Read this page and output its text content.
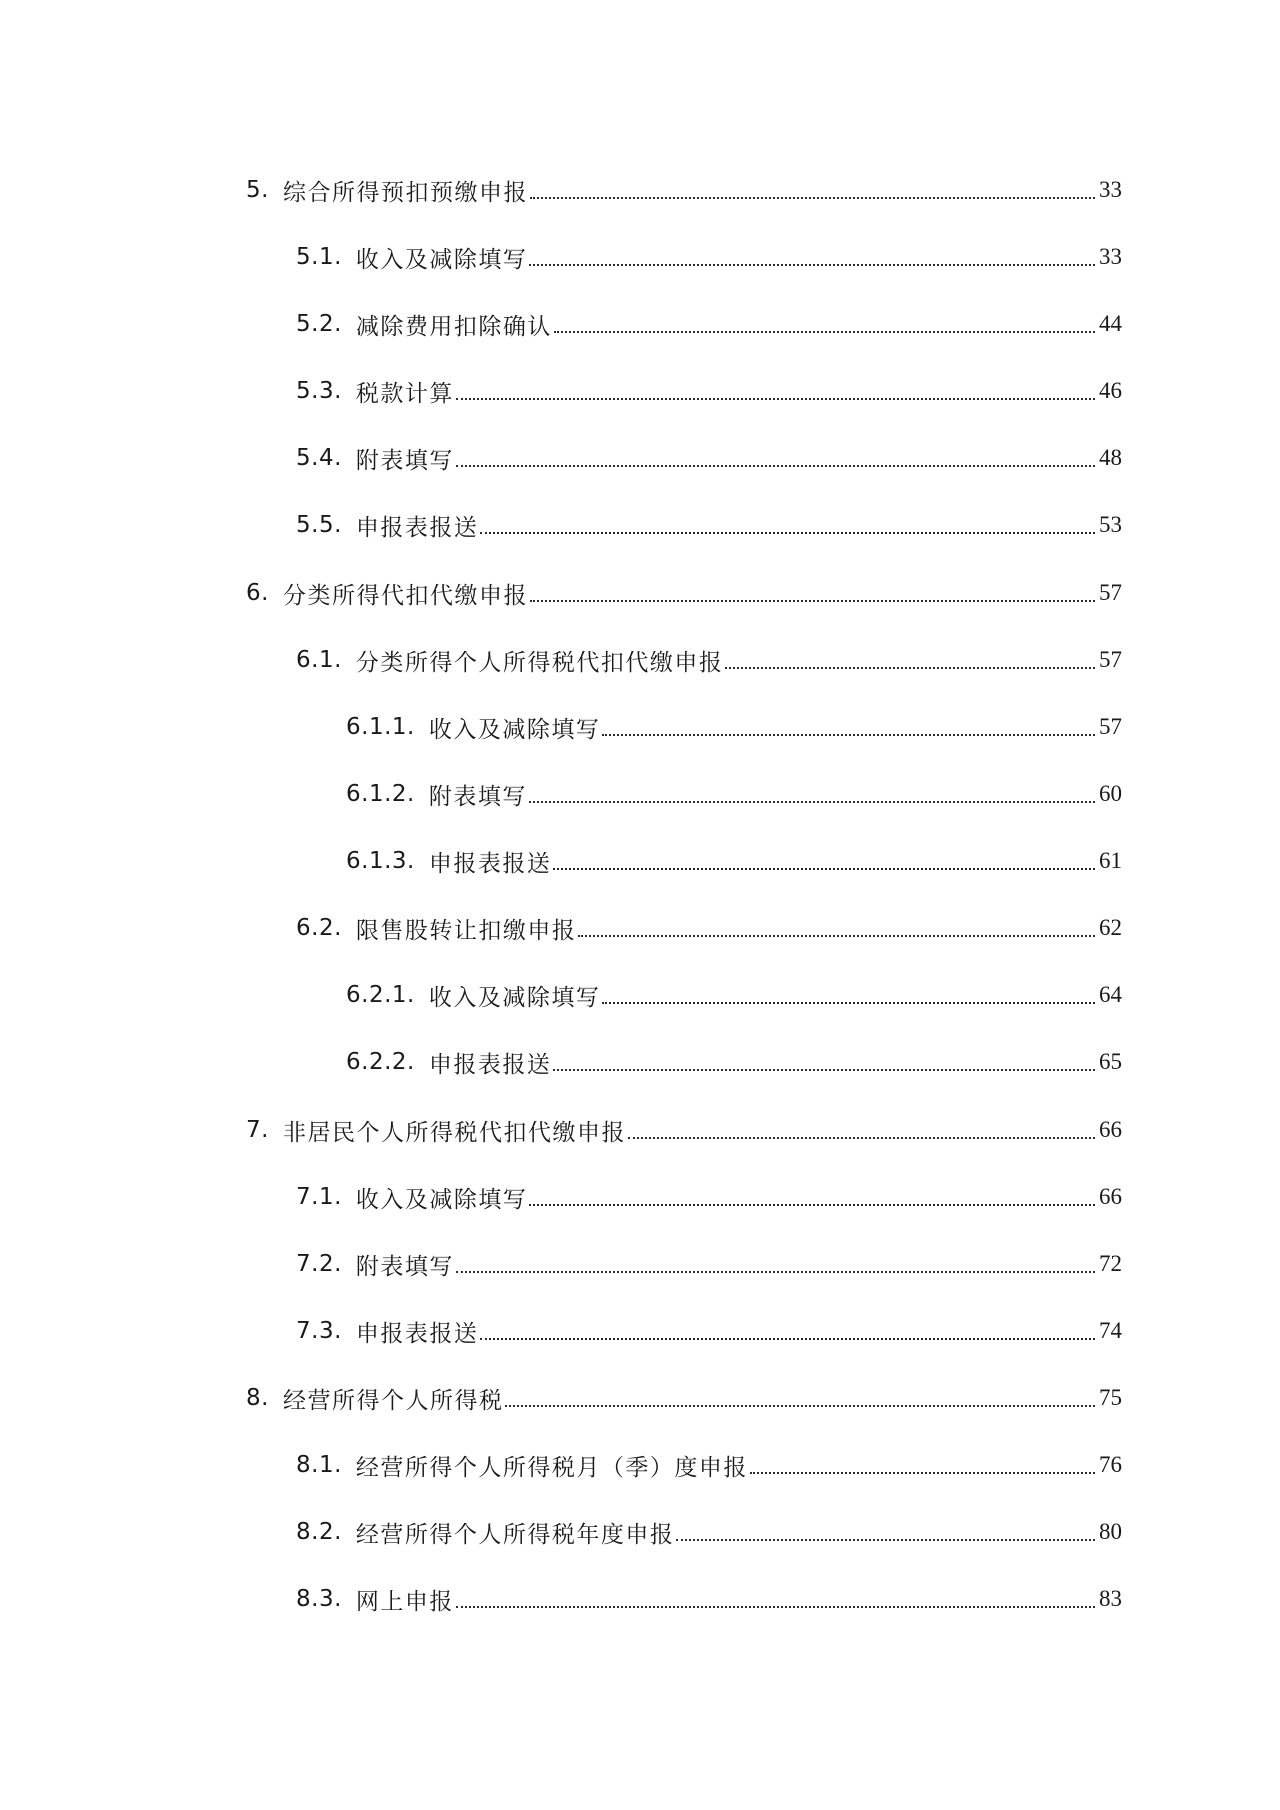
5. 综合所得预扣预缴申报	33
5.1. 收入及减除填写	33
5.2. 减除费用扣除确认	44
5.3. 税款计算	46
5.4. 附表填写	48
5.5. 申报表报送	53
6. 分类所得代扣代缴申报	57
6.1. 分类所得个人所得税代扣代缴申报	57
6.1.1. 收入及减除填写	57
6.1.2. 附表填写	60
6.1.3. 申报表报送	61
6.2. 限售股转让扣缴申报	62
6.2.1. 收入及减除填写	64
6.2.2. 申报表报送	65
7. 非居民个人所得税代扣代缴申报	66
7.1. 收入及减除填写	66
7.2. 附表填写	72
7.3. 申报表报送	74
8. 经营所得个人所得税	75
8.1. 经营所得个人所得税月（季）度申报	76
8.2. 经营所得个人所得税年度申报	80
8.3. 网上申报	83
